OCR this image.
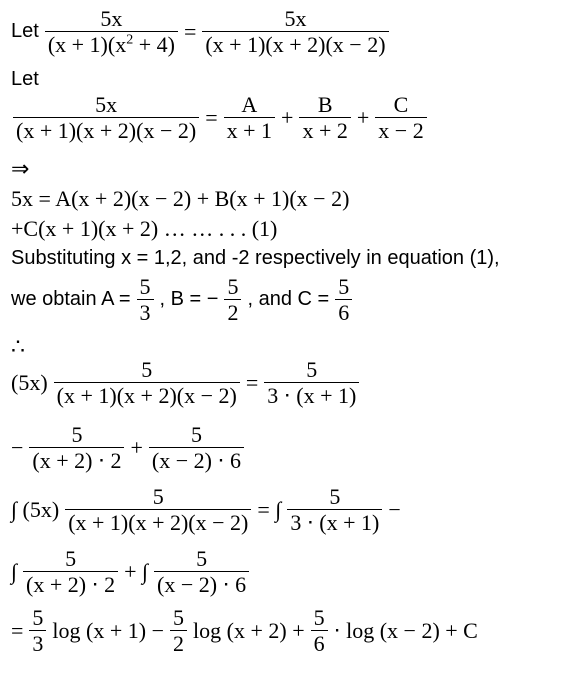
Let $\frac{5x}{(x + 1)(x^2 + 4)} = \frac{5x}{(x + 1)(x + 2)(x - 2)}$
Let
$\frac{5x}{(x + 1)(x + 2)(x - 2)} = \frac{A}{x + 1} + \frac{B}{x + 2} + \frac{C}{x - 2}$
⇒
5x = A(x + 2)(x − 2) + B(x + 1)(x − 2)
+C(x + 1)(x + 2) … … . . . (1)
Substituting x = 1,2, and -2 respectively in equation (1),
we obtain $A = \frac{5}{3}$ , B = − $\frac{5}{2}$ , and $C = \frac{5}{6}$
∴
$(5x) \frac{5}{(x + 1)(x + 2)(x - 2)} = \frac{5}{3 \cdot (x + 1)}$
− $\frac{5}{(x + 2) \cdot 2} + \frac{5}{(x - 2) \cdot 6}$
∫ $(5x) \frac{5}{(x + 1)(x + 2)(x - 2)}$ = ∫ $\frac{5}{3 \cdot (x + 1)}$ −
∫ $\frac{5}{(x + 2) \cdot 2}$ + ∫ $\frac{5}{(x - 2) \cdot 6}$
= $\frac{5}{3}$ $\log (x + 1) - \frac{5}{2}$ $\log (x + 2) + \frac{5}{6} \cdot \log (x - 2) + C$
